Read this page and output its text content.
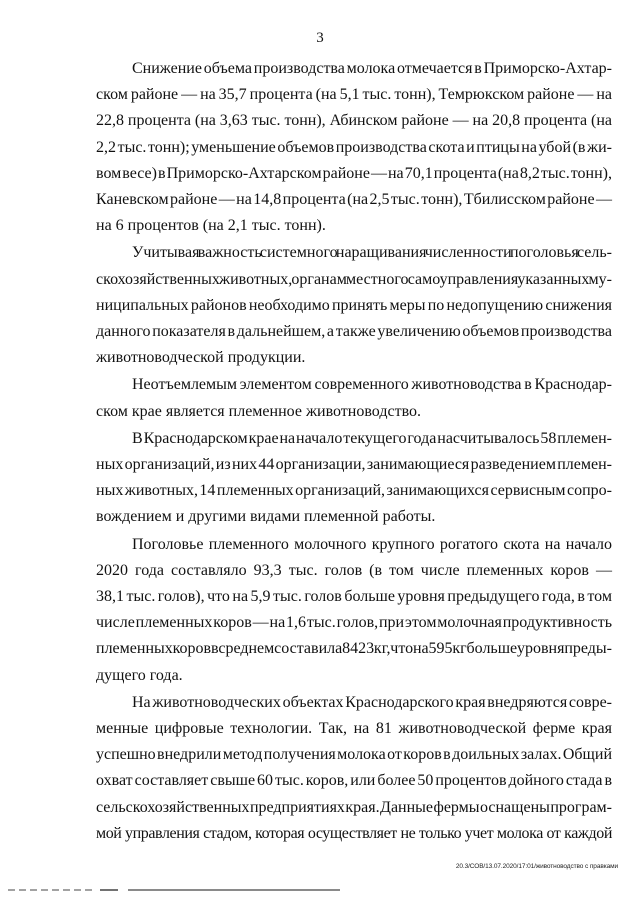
3
Снижение объема производства молока отмечается в Приморско-Ахтар-
ском районе — на 35,7 процента (на 5,1 тыс. тонн), Темрюкском районе — на
22,8 процента (на 3,63 тыс. тонн), Абинском районе — на 20,8 процента (на
2,2 тыс. тонн); уменьшение объемов производства скота и птицы на убой (в жи-
вом весе) в Приморско-Ахтарском районе — на 70,1 процента (на 8,2 тыс. тонн),
Каневском районе — на 14,8 процента (на 2,5 тыс. тонн), Тбилисском районе —
на 6 процентов (на 2,1 тыс. тонн).
Учитывая важность системного наращивания численности поголовья сель-
скохозяйственных животных, органам местного самоуправления указанных му-
ниципальных районов необходимо принять меры по недопущению снижения
данного показателя в дальнейшем, а также увеличению объемов производства
животноводческой продукции.
Неотъемлемым элементом современного животноводства в Краснодар-
ском крае является племенное животноводство.
В Краснодарском крае на начало текущего года насчитывалось 58 племен-
ных организаций, из них 44 организации, занимающиеся разведением племен-
ных животных, 14 племенных организаций, занимающихся сервисным сопро-
вождением и другими видами племенной работы.
Поголовье племенного молочного крупного рогатого скота на начало
2020 года составляло 93,3 тыс. голов (в том числе племенных коров —
38,1 тыс. голов), что на 5,9 тыс. голов больше уровня предыдущего года, в том
числе племенных коров — на 1,6 тыс. голов, при этом молочная продуктивность
племенных коров в среднем составила 8423 кг, что на 595 кг больше уровня преды-
дущего года.
На животноводческих объектах Краснодарского края внедряются совре-
менные цифровые технологии. Так, на 81 животноводческой ферме края
успешно внедрили метод получения молока от коров в доильных залах. Общий
охват составляет свыше 60 тыс. коров, или более 50 процентов дойного стада в
сельскохозяйственных предприятиях края. Данные фермы оснащены програм-
мой управления стадом, которая осуществляет не только учет молока от каждой
20.3/СОВ/13.07.2020/17:01/животноводство с правками
